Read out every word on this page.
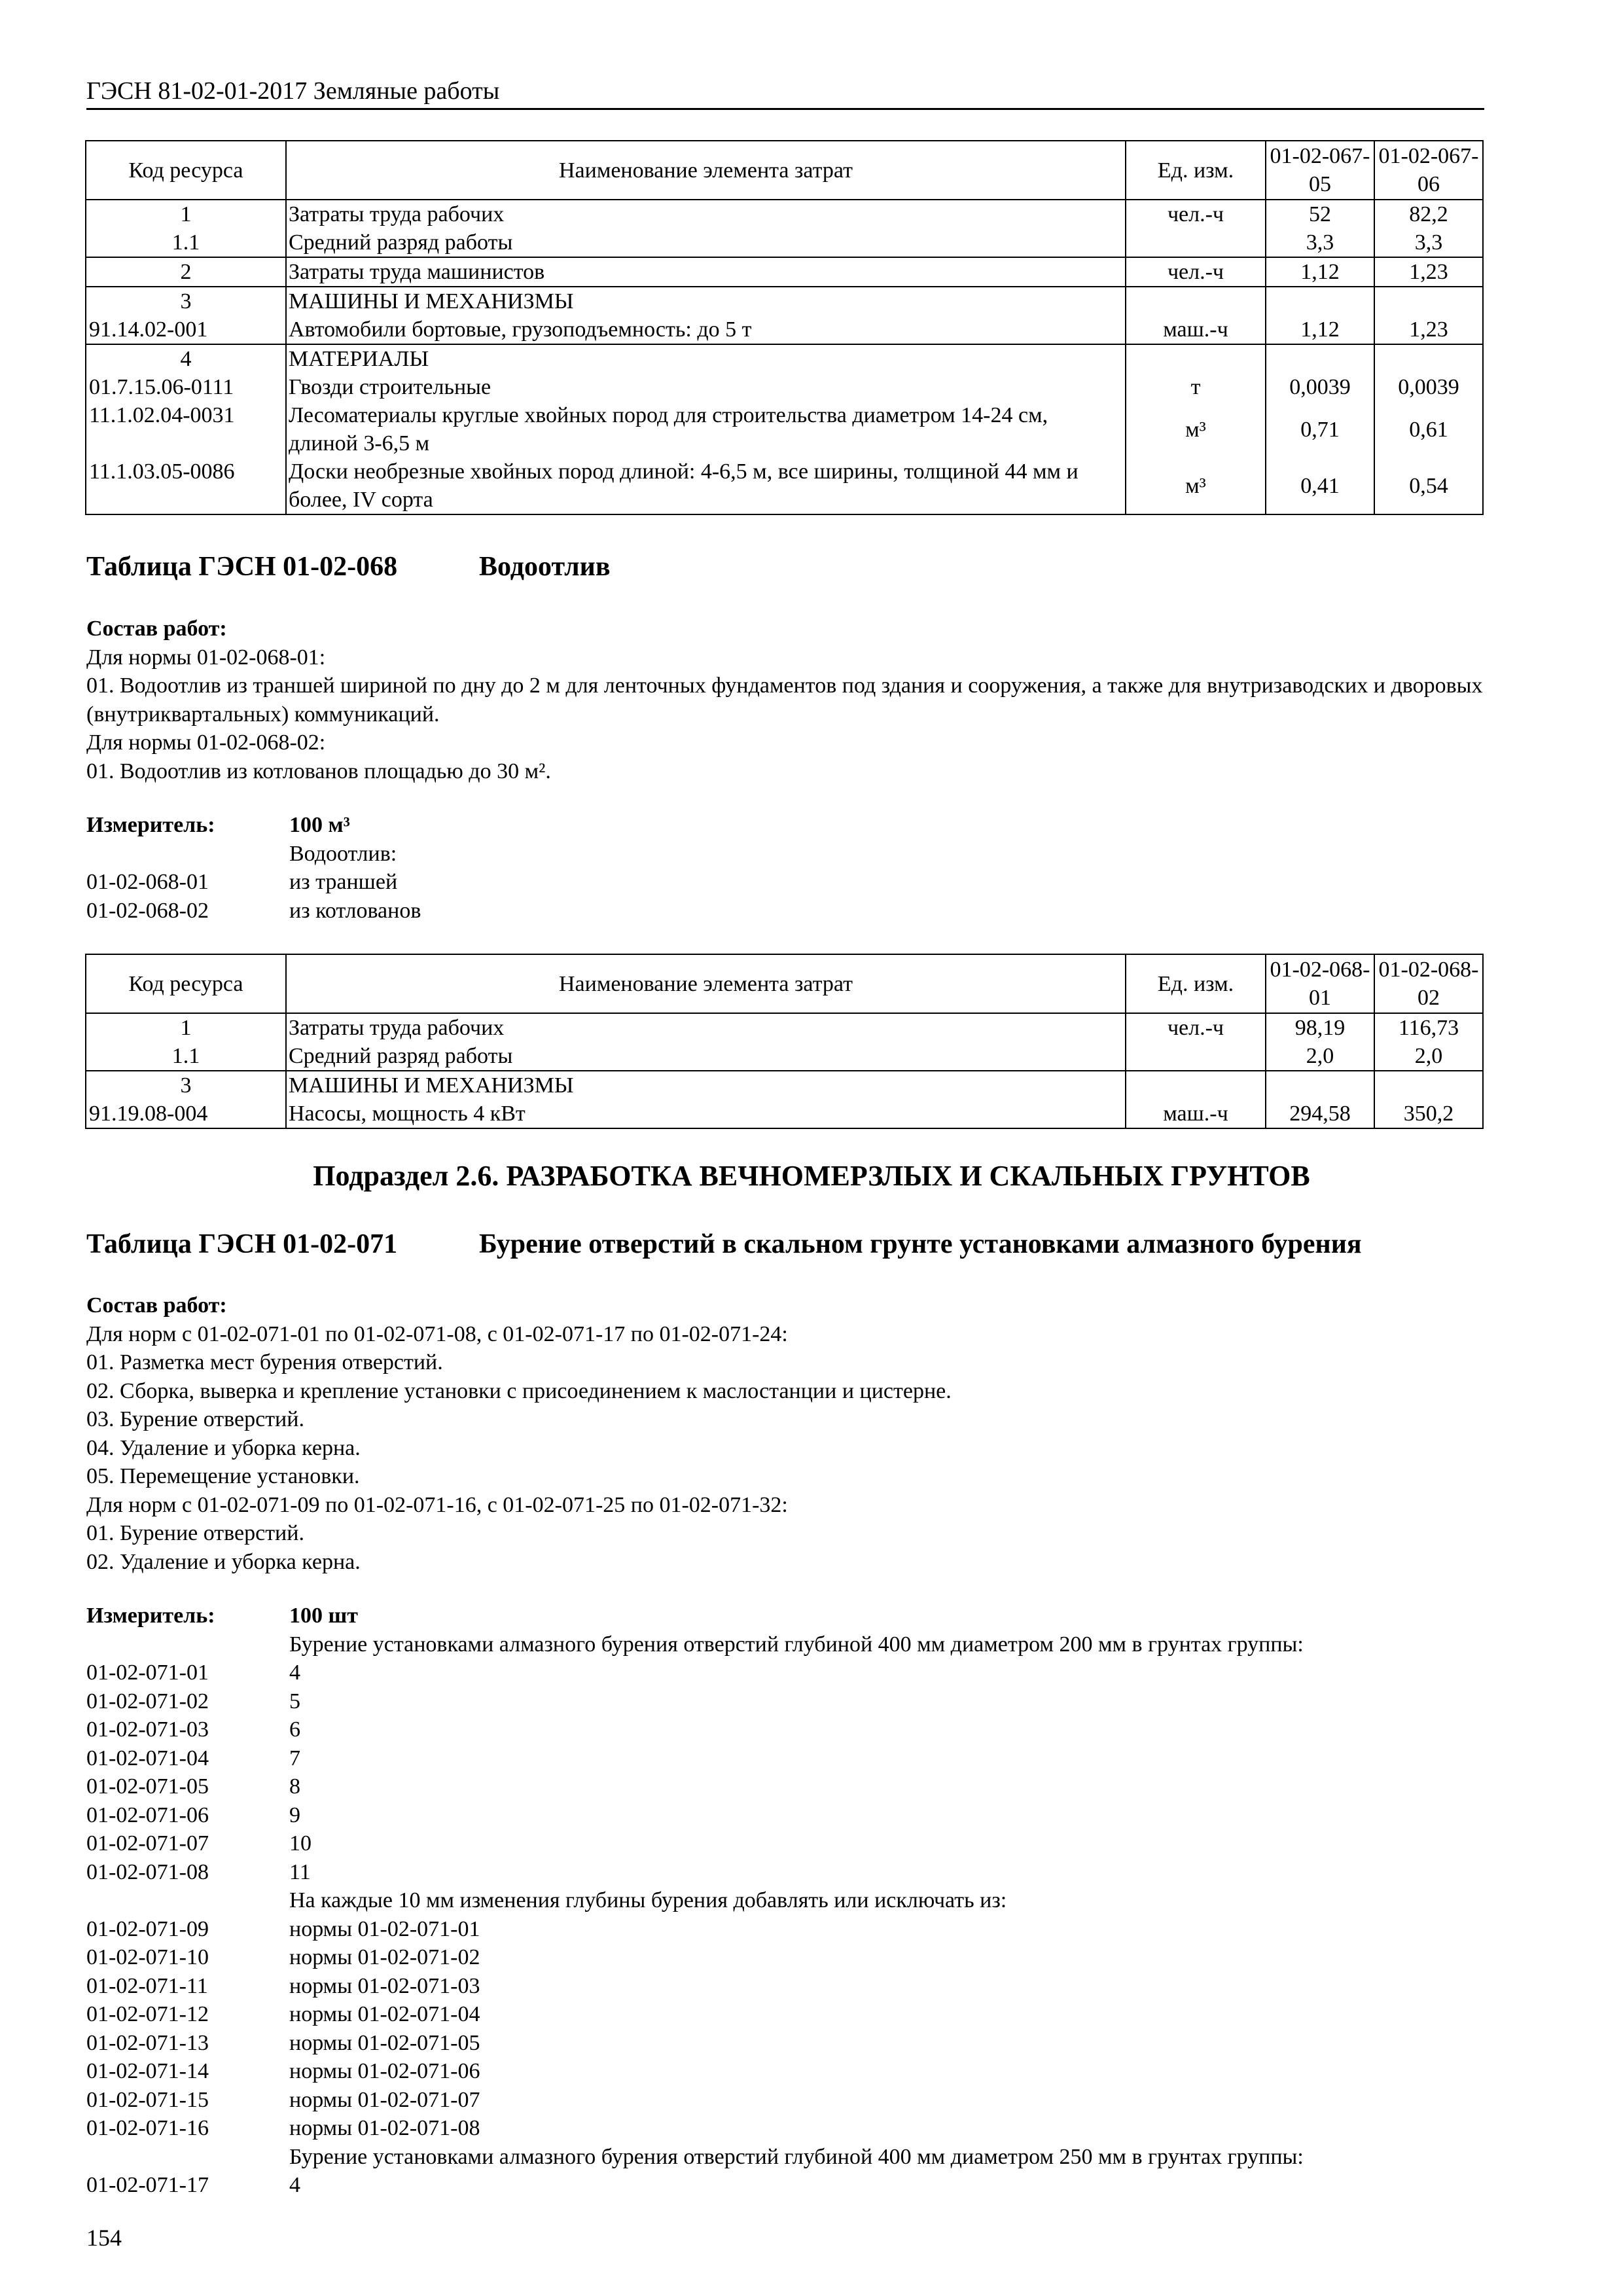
ГЭСН 81-02-01-2017 Земляные работы
Код ресурса	Наименование элемента затрат	Ед. изм.	01-02-067-05	01-02-067-06
1	Затраты труда рабочих	чел.-ч	52	82,2
1.1	Средний разряд работы		3,3	3,3
2	Затраты труда машинистов	чел.-ч	1,12	1,23
3	МАШИНЫ И МЕХАНИЗМЫ			
91.14.02-001	Автомобили бортовые, грузоподъемность: до 5 т	маш.-ч	1,12	1,23
4	МАТЕРИАЛЫ			
01.7.15.06-0111	Гвозди строительные	т	0,0039	0,0039
11.1.02.04-0031	Лесоматериалы круглые хвойных пород для строительства диаметром 14-24 см, длиной 3-6,5 м	м³	0,71	0,61
11.1.03.05-0086	Доски необрезные хвойных пород длиной: 4-6,5 м, все ширины, толщиной 44 мм и более, IV сорта	м³	0,41	0,54
Таблица ГЭСН 01-02-068	Водоотлив
Состав работ:
Для нормы 01-02-068-01:
01. Водоотлив из траншей шириной по дну до 2 м для ленточных фундаментов под здания и сооружения, а также для внутризаводских и дворовых (внутриквартальных) коммуникаций.
Для нормы 01-02-068-02:
01. Водоотлив из котлованов площадью до 30 м².
Измеритель:	100 м³
Водоотлив:
01-02-068-01	из траншей
01-02-068-02	из котлованов
Код ресурса	Наименование элемента затрат	Ед. изм.	01-02-068-01	01-02-068-02
1	Затраты труда рабочих	чел.-ч	98,19	116,73
1.1	Средний разряд работы		2,0	2,0
3	МАШИНЫ И МЕХАНИЗМЫ			
91.19.08-004	Насосы, мощность 4 кВт	маш.-ч	294,58	350,2
Подраздел 2.6. РАЗРАБОТКА ВЕЧНОМЕРЗЛЫХ И СКАЛЬНЫХ ГРУНТОВ
Таблица ГЭСН 01-02-071	Бурение отверстий в скальном грунте установками алмазного бурения
Состав работ:
Для норм с 01-02-071-01 по 01-02-071-08, с 01-02-071-17 по 01-02-071-24:
01. Разметка мест бурения отверстий.
02. Сборка, выверка и крепление установки с присоединением к маслостанции и цистерне.
03. Бурение отверстий.
04. Удаление и уборка керна.
05. Перемещение установки.
Для норм с 01-02-071-09 по 01-02-071-16, с 01-02-071-25 по 01-02-071-32:
01. Бурение отверстий.
02. Удаление и уборка керна.
Измеритель:	100 шт
Бурение установками алмазного бурения отверстий глубиной 400 мм диаметром 200 мм в грунтах группы:
01-02-071-01	4
01-02-071-02	5
01-02-071-03	6
01-02-071-04	7
01-02-071-05	8
01-02-071-06	9
01-02-071-07	10
01-02-071-08	11
На каждые 10 мм изменения глубины бурения добавлять или исключать из:
01-02-071-09	нормы 01-02-071-01
01-02-071-10	нормы 01-02-071-02
01-02-071-11	нормы 01-02-071-03
01-02-071-12	нормы 01-02-071-04
01-02-071-13	нормы 01-02-071-05
01-02-071-14	нормы 01-02-071-06
01-02-071-15	нормы 01-02-071-07
01-02-071-16	нормы 01-02-071-08
Бурение установками алмазного бурения отверстий глубиной 400 мм диаметром 250 мм в грунтах группы:
01-02-071-17	4
154
